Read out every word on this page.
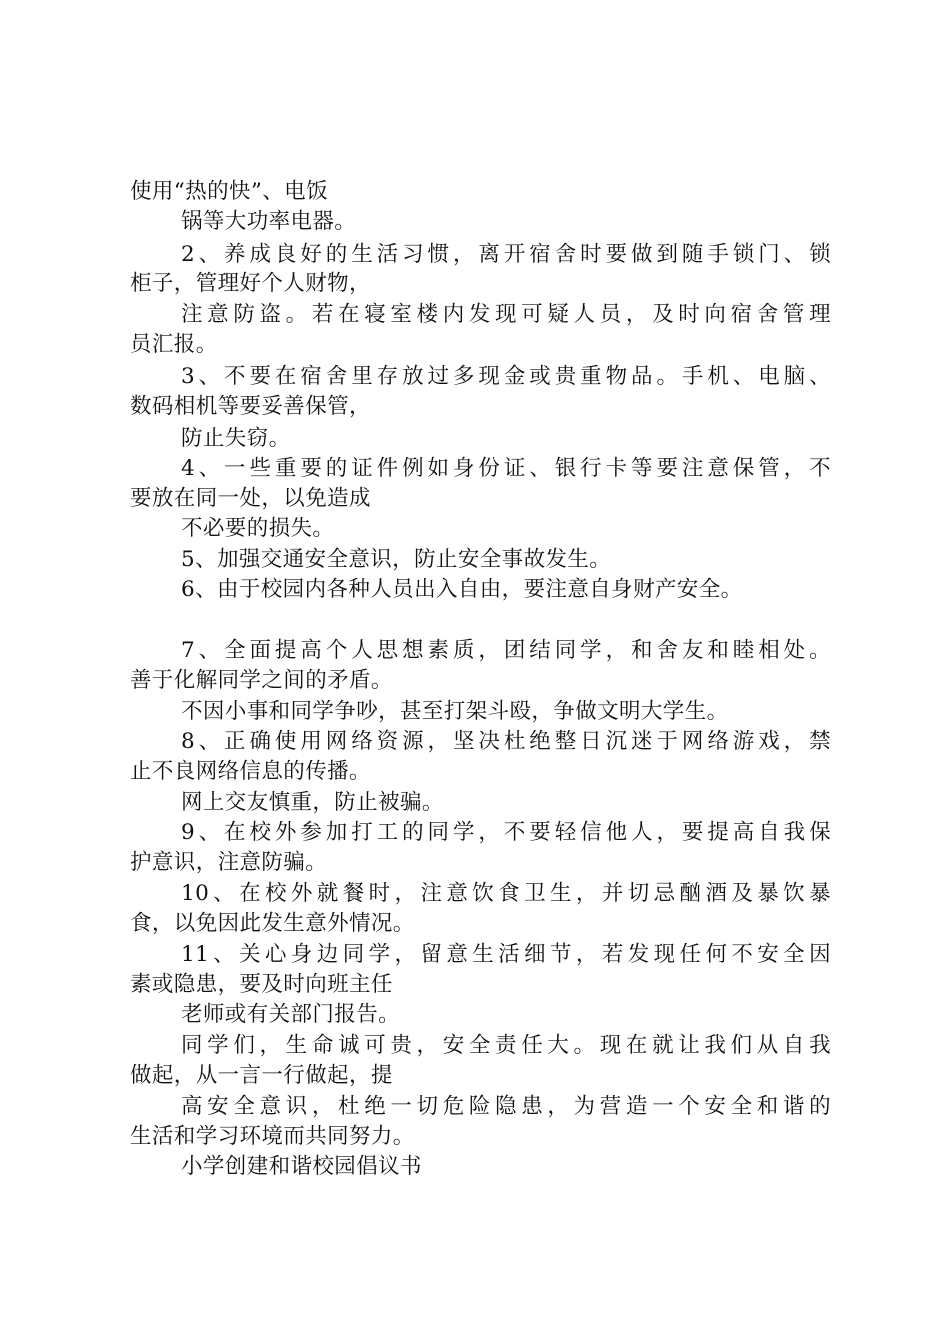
使用“热的快”、电饭
锅等大功率电器。
2、养成良好的生活习惯，离开宿舍时要做到随手锁门、锁
柜子，管理好个人财物，
注意防盗。若在寝室楼内发现可疑人员，及时向宿舍管理
员汇报。
3、不要在宿舍里存放过多现金或贵重物品。手机、电脑、
数码相机等要妥善保管，
防止失窃。
4、一些重要的证件例如身份证、银行卡等要注意保管，不
要放在同一处，以免造成
不必要的损失。
5、加强交通安全意识，防止安全事故发生。
6、由于校园内各种人员出入自由，要注意自身财产安全。
7、全面提高个人思想素质，团结同学，和舍友和睦相处。
善于化解同学之间的矛盾。
不因小事和同学争吵，甚至打架斗殴，争做文明大学生。
8、正确使用网络资源，坚决杜绝整日沉迷于网络游戏，禁
止不良网络信息的传播。
网上交友慎重，防止被骗。
9、在校外参加打工的同学，不要轻信他人，要提高自我保
护意识，注意防骗。
10、在校外就餐时，注意饮食卫生，并切忌酗酒及暴饮暴
食，以免因此发生意外情况。
11、关心身边同学，留意生活细节，若发现任何不安全因
素或隐患，要及时向班主任
老师或有关部门报告。
同学们，生命诚可贵，安全责任大。现在就让我们从自我
做起，从一言一行做起，提
高安全意识，杜绝一切危险隐患，为营造一个安全和谐的
生活和学习环境而共同努力。
小学创建和谐校园倡议书
